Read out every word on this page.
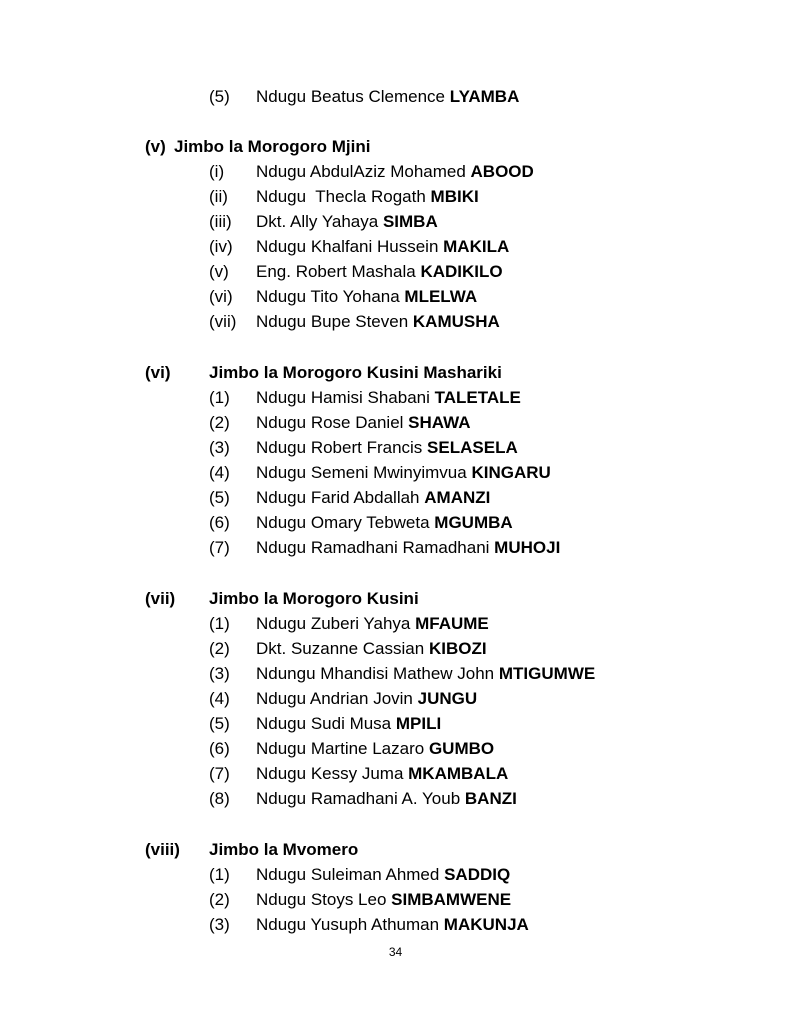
(5) Ndugu Beatus Clemence LYAMBA
(v) Jimbo la Morogoro Mjini
(i) Ndugu AbdulAziz Mohamed ABOOD
(ii) Ndugu  Thecla Rogath MBIKI
(iii) Dkt. Ally Yahaya SIMBA
(iv) Ndugu Khalfani Hussein MAKILA
(v) Eng. Robert Mashala KADIKILO
(vi) Ndugu Tito Yohana MLELWA
(vii) Ndugu Bupe Steven KAMUSHA
(vi) Jimbo la Morogoro Kusini Mashariki
(1) Ndugu Hamisi Shabani TALETALE
(2) Ndugu Rose Daniel SHAWA
(3) Ndugu Robert Francis SELASELA
(4) Ndugu Semeni Mwinyimvua KINGARU
(5) Ndugu Farid Abdallah AMANZI
(6) Ndugu Omary Tebweta MGUMBA
(7) Ndugu Ramadhani Ramadhani MUHOJI
(vii) Jimbo la Morogoro Kusini
(1) Ndugu Zuberi Yahya MFAUME
(2) Dkt. Suzanne Cassian KIBOZI
(3) Ndungu Mhandisi Mathew John MTIGUMWE
(4) Ndugu Andrian Jovin JUNGU
(5) Ndugu Sudi Musa MPILI
(6) Ndugu Martine Lazaro GUMBO
(7) Ndugu Kessy Juma MKAMBALA
(8) Ndugu Ramadhani A. Youb BANZI
(viii) Jimbo la Mvomero
(1) Ndugu Suleiman Ahmed SADDIQ
(2) Ndugu Stoys Leo SIMBAMWENE
(3) Ndugu Yusuph Athuman MAKUNJA
34
